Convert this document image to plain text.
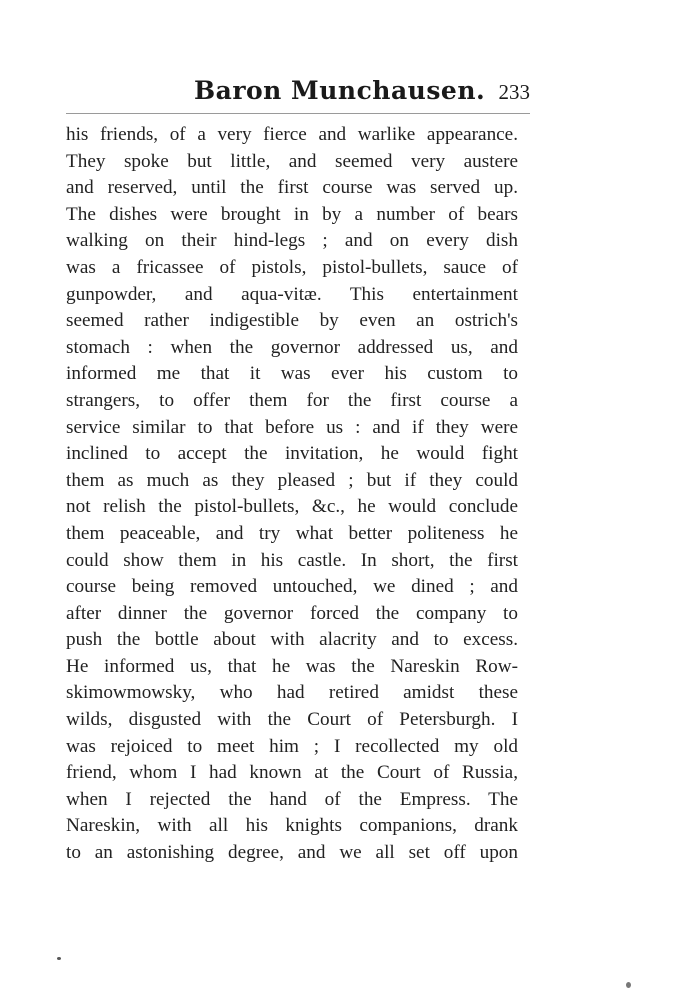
Baron Munchausen. 233
his friends, of a very fierce and warlike appearance.
They spoke but little, and seemed very austere
and reserved, until the first course was served up.
The dishes were brought in by a number of bears
walking on their hind-legs ; and on every dish
was a fricassee of pistols, pistol-bullets, sauce of
gunpowder, and aqua-vitæ. This entertainment
seemed rather indigestible by even an ostrich's
stomach : when the governor addressed us, and
informed me that it was ever his custom to
strangers, to offer them for the first course a
service similar to that before us : and if they were
inclined to accept the invitation, he would fight
them as much as they pleased ; but if they could
not relish the pistol-bullets, &c., he would conclude
them peaceable, and try what better politeness he
could show them in his castle. In short, the first
course being removed untouched, we dined ; and
after dinner the governor forced the company to
push the bottle about with alacrity and to excess.
He informed us, that he was the Nareskin Row-
skimowmowsky, who had retired amidst these
wilds, disgusted with the Court of Petersburgh. I
was rejoiced to meet him ; I recollected my old
friend, whom I had known at the Court of Russia,
when I rejected the hand of the Empress. The
Nareskin, with all his knights companions, drank
to an astonishing degree, and we all set off upon
